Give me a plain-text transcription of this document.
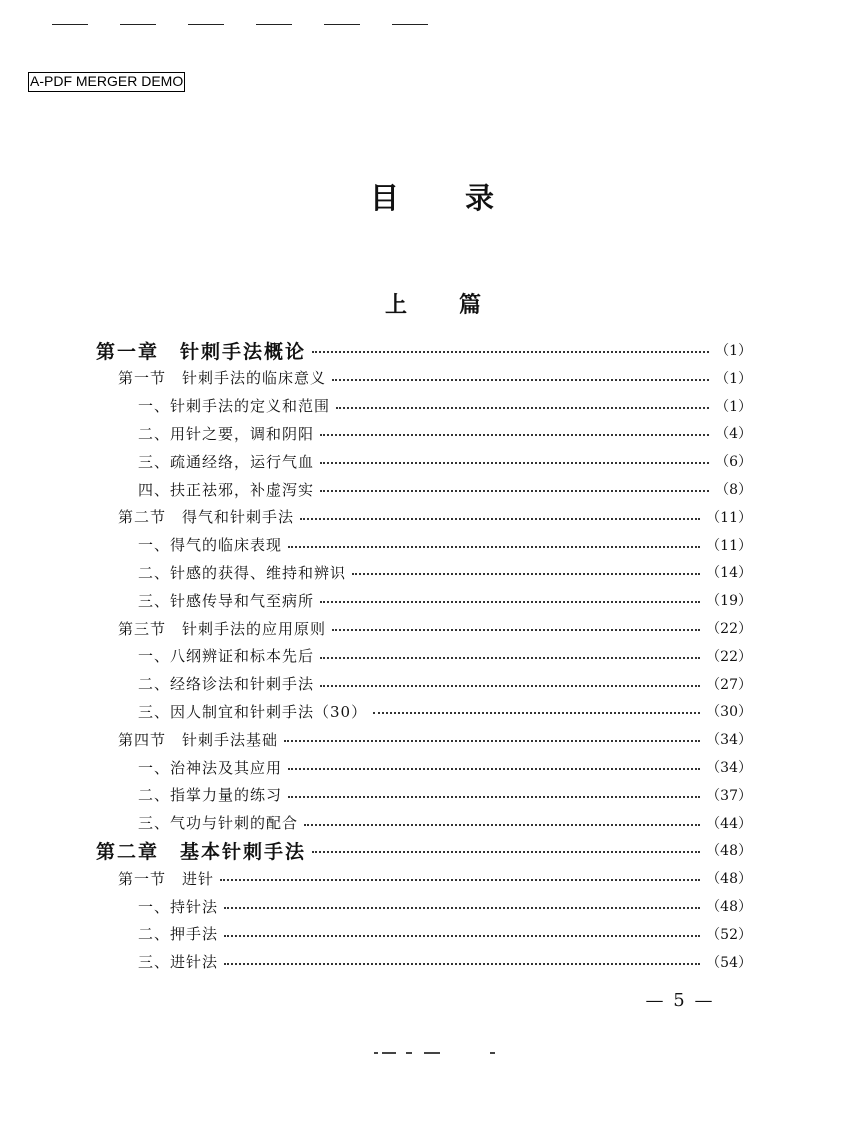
A-PDF MERGER DEMO
目 录
上 篇
第一章　针刺手法概论	（1）
第一节　针刺手法的临床意义	（1）
一、针刺手法的定义和范围	（1）
二、用针之要，调和阴阳	（4）
三、疏通经络，运行气血	（6）
四、扶正祛邪，补虚泻实	（8）
第二节　得气和针刺手法	（11）
一、得气的临床表现	（11）
二、针感的获得、维持和辨识	（14）
三、针感传导和气至病所	（19）
第三节　针刺手法的应用原则	（22）
一、八纲辨证和标本先后	（22）
二、经络诊法和针刺手法	（27）
三、因人制宜和针刺手法（30）	（30）
第四节　针刺手法基础	（34）
一、治神法及其应用	（34）
二、指掌力量的练习	（37）
三、气功与针刺的配合	（44）
第二章　基本针刺手法	（48）
第一节　进针	（48）
一、持针法	（48）
二、押手法	（52）
三、进针法	（54）
— 5 —
